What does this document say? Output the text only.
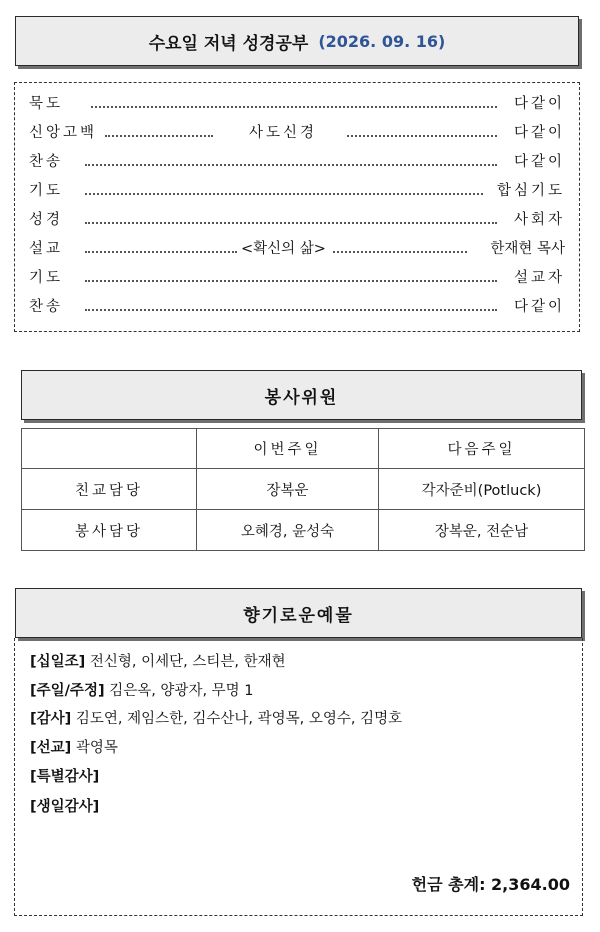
수요일 저녁 성경공부 (2026. 09. 16)
묵도	다같이
신앙고백	사도신경	다같이
찬송	다같이
기도	합심기도
성경	사회자
설교	<확신의 삶>	한재현 목사
기도	설교자
찬송	다같이
봉사위원
	이번주일	다음주일
친교담당	장복운	각자준비(Potluck)
봉사담당	오혜경, 윤성숙	장복운, 전순남
향기로운예물
[십일조] 전신형, 이세단, 스티븐, 한재현
[주일/주정] 김은옥, 양광자, 무명 1
[감사] 김도연, 제임스한, 김수산나, 곽영목, 오영수, 김명호
[선교] 곽영목
[특별감사]
[생일감사]
헌금 총계: 2,364.00
